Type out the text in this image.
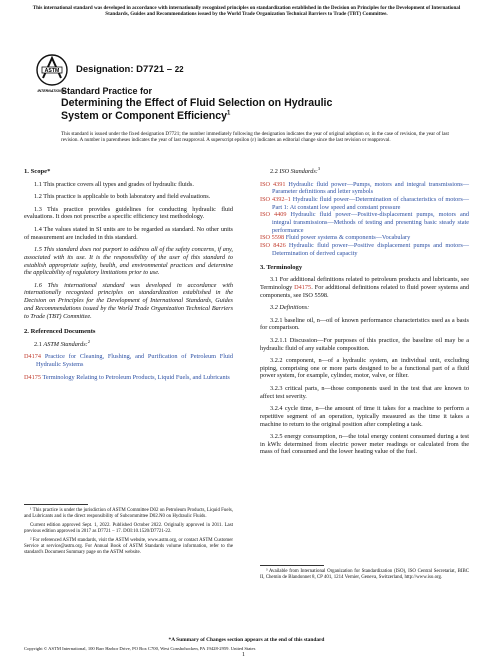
This international standard was developed in accordance with internationally recognized principles on standardization established in the Decision on Principles for the Development of International Standards, Guides and Recommendations issued by the World Trade Organization Technical Barriers to Trade (TBT) Committee.
ASTM
INTERNATIONAL
Designation: D7721 – 22
Standard Practice for
Determining the Effect of Fluid Selection on Hydraulic
System or Component Efficiency$^1$
This standard is issued under the fixed designation D7721; the number immediately following the designation indicates the year of original adoption or, in the case of revision, the year of last revision. A number in parentheses indicates the year of last reapproval. A superscript epsilon (ε) indicates an editorial change since the last revision or reapproval.
1. Scope*

1.1 This practice covers all types and grades of hydraulic fluids.

1.2 This practice is applicable to both laboratory and field evaluations.

1.3 This practice provides guidelines for conducting hydraulic fluid evaluations. It does not prescribe a specific efficiency test methodology.

1.4 The values stated in SI units are to be regarded as standard. No other units of measurement are included in this standard.

1.5 This standard does not purport to address all of the safety concerns, if any, associated with its use. It is the responsibility of the user of this standard to establish appropriate safety, health, and environmental practices and determine the applicability of regulatory limitations prior to use.

1.6 This international standard was developed in accordance with internationally recognized principles on standardization established in the Decision on Principles for the Development of International Standards, Guides and Recommendations issued by the World Trade Organization Technical Barriers to Trade (TBT) Committee.

2. Referenced Documents

2.1 ASTM Standards:$^2$

D4174 Practice for Cleaning, Flushing, and Purification of Petroleum Fluid Hydraulic Systems

D4175 Terminology Relating to Petroleum Products, Liquid Fuels, and Lubricants

¹ This practice is under the jurisdiction of ASTM Committee D02 on Petroleum Products, Liquid Fuels, and Lubricants and is the direct responsibility of Subcommittee D02.N0 on Hydraulic Fluids.

Current edition approved Sept. 1, 2022. Published October 2022. Originally approved in 2011. Last previous edition approved in 2017 as D7721 – 17. DOI:10.1520/D7721-22.

² For referenced ASTM standards, visit the ASTM website, www.astm.org, or contact ASTM Customer Service at service@astm.org. For Annual Book of ASTM Standards volume information, refer to the standard's Document Summary page on the ASTM website.

2.2 ISO Standards:$^3$

ISO 4391 Hydraulic fluid power—Pumps, motors and integral transmissions—Parameter definitions and letter symbols

ISO 4392–1 Hydraulic fluid power—Determination of characteristics of motors—Part 1: At constant low speed and constant pressure

ISO 4409 Hydraulic fluid power—Positive-displacement pumps, motors and integral transmissions—Methods of testing and presenting basic steady state performance

ISO 5598 Fluid power systems & components—Vocabulary

ISO 8426 Hydraulic fluid power—Positive displacement pumps and motors—Determination of derived capacity

3. Terminology

3.1 For additional definitions related to petroleum products and lubricants, see Terminology D4175. For additional definitions related to fluid power systems and components, see ISO 5598.

3.2 Definitions:

3.2.1 baseline oil, n—oil of known performance characteristics used as a basis for comparison.

3.2.1.1 Discussion—For purposes of this practice, the baseline oil may be a hydraulic fluid of any suitable composition.

3.2.2 component, n—of a hydraulic system, an individual unit, excluding piping, comprising one or more parts designed to be a functional part of a fluid power system, for example, cylinder, motor, valve, or filter.

3.2.3 critical parts, n—those components used in the test that are known to affect test severity.

3.2.4 cycle time, n—the amount of time it takes for a machine to perform a repetitive segment of an operation, typically measured as the time it takes a machine to return to the original position after completing a task.

3.2.5 energy consumption, n—the total energy content consumed during a test in kWh: determined from electric power meter readings or calculated from the mass of fuel consumed and the lower heating value of the fuel.

³ Available from International Organization for Standardization (ISO), ISO Central Secretariat, BIBC II, Chemin de Blandonnet 8, CP 401, 1214 Vernier, Geneva, Switzerland, http://www.iso.org.

*A Summary of Changes section appears at the end of this standard
Copyright © ASTM International, 100 Barr Harbor Drive, PO Box C700, West Conshohocken, PA 19428-2959. United States
1
